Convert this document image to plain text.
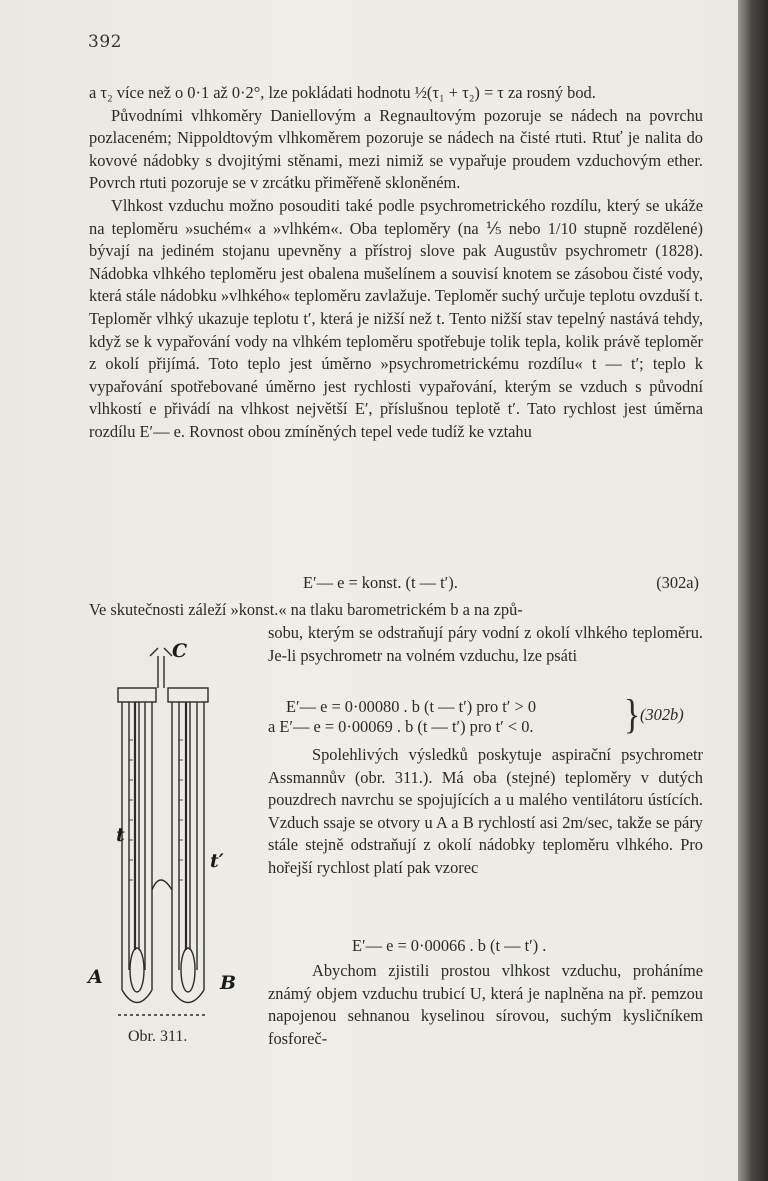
392

a τ₂ více než o 0·1 až 0·2°, lze pokládati hodnotu ½(τ₁ + τ₂) = τ za rosný bod.

Původními vlhkoměry Daniellovým a Regnaultovým pozoruje se nádech na povrchu pozlaceném; Nippoldtovým vlhkoměrem pozoruje se nádech na čisté rtuti. Rtuť je nalita do kovové nádobky s dvojitými stěnami, mezi nimiž se vypařuje proudem vzduchovým ether. Povrch rtuti pozoruje se v zrcátku přiměřeně skloněném.

Vlhkost vzduchu možno posouditi také podle psychrometrického rozdílu, který se ukáže na teploměru »suchém« a »vlhkém«. Oba teploměry (na ⅕ nebo 1/10 stupně rozdělené) bývají na jediném stojanu upevněny a přístroj slove pak Augustův psychrometr (1828). Nádobka vlhkého teploměru jest obalena mušelínem a souvisí knotem se zásobou čisté vody, která stále nádobku »vlhkého« teploměru zavlažuje. Teploměr suchý určuje teplotu ovzduší t. Teploměr vlhký ukazuje teplotu t′, která je nižší než t. Tento nižší stav tepelný nastává tehdy, když se k vypařování vody na vlhkém teploměru spotřebuje tolik tepla, kolik právě teploměr z okolí přijímá. Toto teplo jest úměrno »psychrometrickému rozdílu« t — t′; teplo k vypařování spotřebované úměrno jest rychlosti vypařování, kterým se vzduch s původní vlhkostí e přivádí na vlhkost největší E′, příslušnou teplotě t′. Tato rychlost jest úměrna rozdílu E′— e. Rovnost obou zmíněných tepel vede tudíž ke vztahu

E′— e = konst. (t — t′).	(302a)

Ve skutečnosti záleží »konst.« na tlaku barometrickém b a na způ-

sobu, kterým se odstraňují páry vodní z okolí vlhkého teploměru. Je-li psychrometr na volném vzduchu, lze psáti

E′— e = 0·00080 . b (t — t′) pro t′ > 0
a E′— e = 0·00069 . b (t — t′) pro t′ < 0.	} (302b)

Spolehlivých výsledků poskytuje aspirační psychrometr Assmannův (obr. 311.). Má oba (stejné) teploměry v dutých pouzdrech navrchu se spojujících a u malého ventilátoru ústících. Vzduch ssaje se otvory u A a B rychlostí asi 2m/sec, takže se páry stále stejně odstraňují z okolí nádobky teploměru vlhkého. Pro hořejší rychlost platí pak vzorec

E′— e = 0·00066 . b (t — t′) .

Abychom zjistili prostou vlhkost vzduchu, proháníme známý objem vzduchu trubicí U, která je naplněna na př. pemzou napojenou sehnanou kyselinou sírovou, suchým kysličníkem fosforeč-

C
t
t′
A	B
Obr. 311.
